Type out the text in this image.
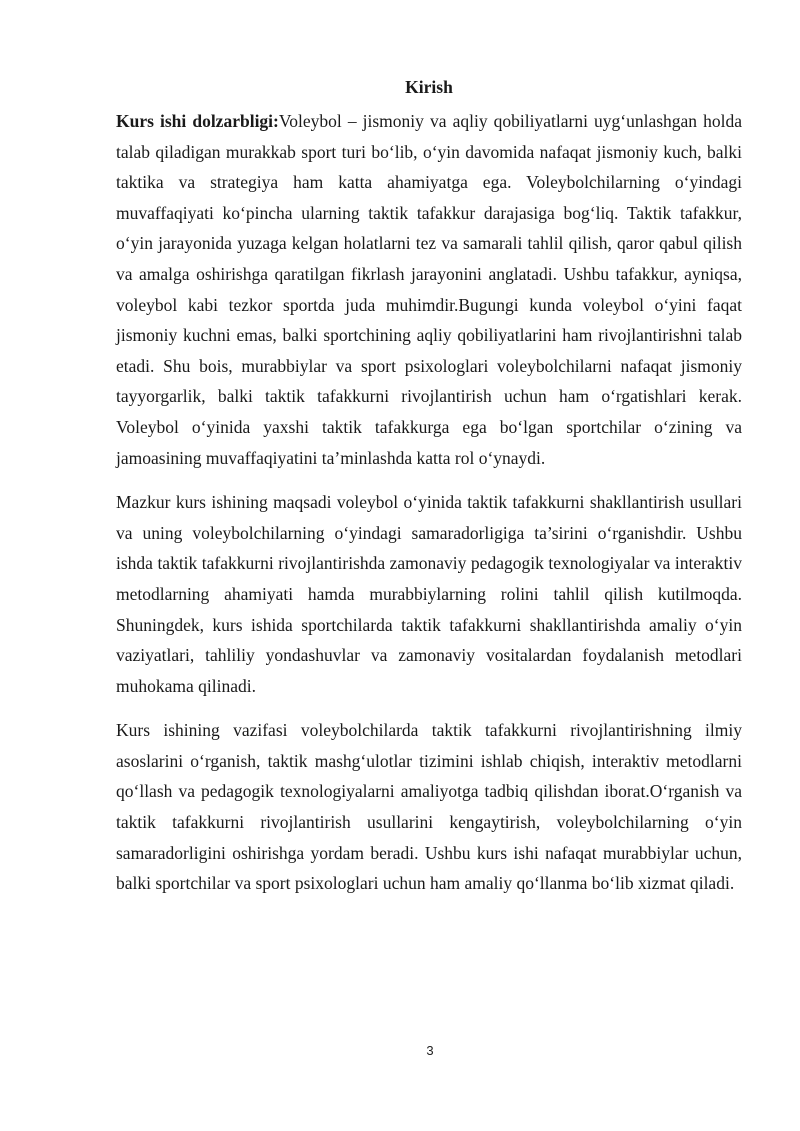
Kirish

Kurs ishi dolzarbligi:Voleybol – jismoniy va aqliy qobiliyatlarni uyg‘unlashgan holda talab qiladigan murakkab sport turi bo‘lib, o‘yin davomida nafaqat jismoniy kuch, balki taktika va strategiya ham katta ahamiyatga ega. Voleybolchilarning o‘yindagi muvaffaqiyati ko‘pincha ularning taktik tafakkur darajasiga bog‘liq. Taktik tafakkur, o‘yin jarayonida yuzaga kelgan holatlarni tez va samarali tahlil qilish, qaror qabul qilish va amalga oshirishga qaratilgan fikrlash jarayonini anglatadi. Ushbu tafakkur, ayniqsa, voleybol kabi tezkor sportda juda muhimdir.Bugungi kunda voleybol o‘yini faqat jismoniy kuchni emas, balki sportchining aqliy qobiliyatlarini ham rivojlantirishni talab etadi. Shu bois, murabbiylar va sport psixologlari voleybolchilarni nafaqat jismoniy tayyorgarlik, balki taktik tafakkurni rivojlantirish uchun ham o‘rgatishlari kerak. Voleybol o‘yinida yaxshi taktik tafakkurga ega bo‘lgan sportchilar o‘zining va jamoasining muvaffaqiyatini ta’minlashda katta rol o‘ynaydi.

Mazkur kurs ishining maqsadi voleybol o‘yinida taktik tafakkurni shakllantirish usullari va uning voleybolchilarning o‘yindagi samaradorligiga ta’sirini o‘rganishdir. Ushbu ishda taktik tafakkurni rivojlantirishda zamonaviy pedagogik texnologiyalar va interaktiv metodlarning ahamiyati hamda murabbiylarning rolini tahlil qilish kutilmoqda. Shuningdek, kurs ishida sportchilarda taktik tafakkurni shakllantirishda amaliy o‘yin vaziyatlari, tahliliy yondashuvlar va zamonaviy vositalardan foydalanish metodlari muhokama qilinadi.

Kurs ishining vazifasi voleybolchilarda taktik tafakkurni rivojlantirishning ilmiy asoslarini o‘rganish, taktik mashg‘ulotlar tizimini ishlab chiqish, interaktiv metodlarni qo‘llash va pedagogik texnologiyalarni amaliyotga tadbiq qilishdan iborat.O‘rganish va taktik tafakkurni rivojlantirish usullarini kengaytirish, voleybolchilarning o‘yin samaradorligini oshirishga yordam beradi. Ushbu kurs ishi nafaqat murabbiylar uchun, balki sportchilar va sport psixologlari uchun ham amaliy qo‘llanma bo‘lib xizmat qiladi.

3
